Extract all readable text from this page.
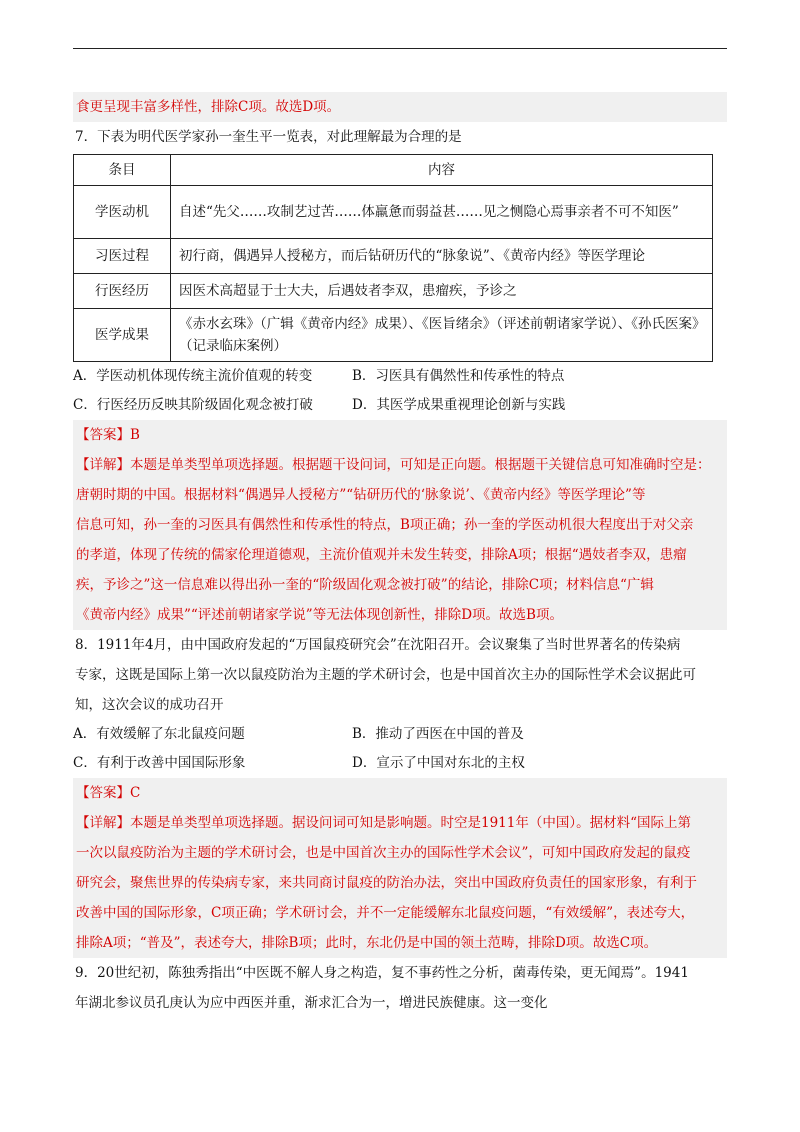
食更呈现丰富多样性，排除C项。故选D项。
7．下表为明代医学家孙一奎生平一览表，对此理解最为合理的是
条目	内容
学医动机	自述“先父……攻制艺过苦……体羸惫而弱益甚……见之恻隐心焉事亲者不可不知医”
习医过程	初行商，偶遇异人授秘方，而后钻研历代的“脉象说”、《黄帝内经》等医学理论
行医经历	因医术高超显于士大夫，后遇妓者李双，患瘤疾，予诊之
医学成果	《赤水玄珠》（广辑《黄帝内经》成果）、《医旨绪余》（评述前朝诸家学说）、《孙氏医案》（记录临床案例）
A．学医动机体现传统主流价值观的转变	B．习医具有偶然性和传承性的特点
C．行医经历反映其阶级固化观念被打破	D．其医学成果重视理论创新与实践
【答案】B
【详解】本题是单类型单项选择题。根据题干设问词，可知是正向题。根据题干关键信息可知准确时空是：
唐朝时期的中国。根据材料“偶遇异人授秘方”“钻研历代的‘脉象说’、《黄帝内经》等医学理论”等
信息可知，孙一奎的习医具有偶然性和传承性的特点，B项正确；孙一奎的学医动机很大程度出于对父亲
的孝道，体现了传统的儒家伦理道德观，主流价值观并未发生转变，排除A项；根据“遇妓者李双，患瘤
疾，予诊之”这一信息难以得出孙一奎的“阶级固化观念被打破”的结论，排除C项；材料信息“广辑
《黄帝内经》成果”“评述前朝诸家学说”等无法体现创新性，排除D项。故选B项。
8．1911年4月，由中国政府发起的“万国鼠疫研究会”在沈阳召开。会议聚集了当时世界著名的传染病
专家，这既是国际上第一次以鼠疫防治为主题的学术研讨会，也是中国首次主办的国际性学术会议据此可
知，这次会议的成功召开
A．有效缓解了东北鼠疫问题	B．推动了西医在中国的普及
C．有利于改善中国国际形象	D．宣示了中国对东北的主权
【答案】C
【详解】本题是单类型单项选择题。据设问词可知是影响题。时空是1911年（中国）。据材料“国际上第
一次以鼠疫防治为主题的学术研讨会，也是中国首次主办的国际性学术会议”，可知中国政府发起的鼠疫
研究会，聚焦世界的传染病专家，来共同商讨鼠疫的防治办法，突出中国政府负责任的国家形象，有利于
改善中国的国际形象，C项正确；学术研讨会，并不一定能缓解东北鼠疫问题，“有效缓解”，表述夸大，
排除A项；“普及”，表述夸大，排除B项；此时，东北仍是中国的领土范畴，排除D项。故选C项。
9．20世纪初，陈独秀指出“中医既不解人身之构造，复不事药性之分析，菌毒传染，更无闻焉”。1941
年湖北参议员孔庚认为应中西医并重，渐求汇合为一，增进民族健康。这一变化
